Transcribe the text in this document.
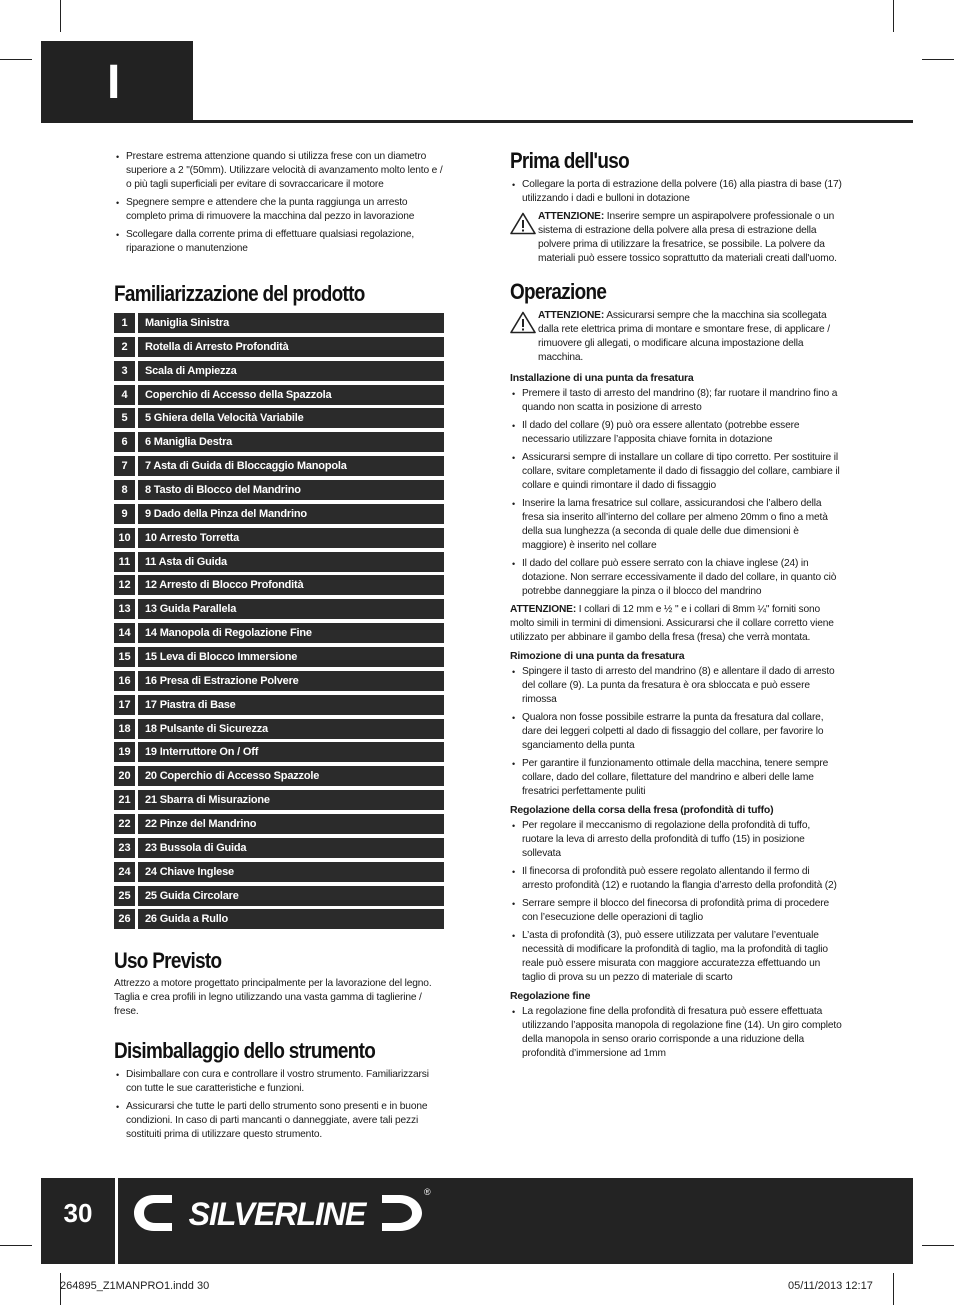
I
• Prestare estrema attenzione quando si utilizza frese con un diametro superiore a 2 "(50mm). Utilizzare velocità di avanzamento molto lento e / o più tagli superficiali per evitare di sovraccaricare il motore
• Spegnere sempre e attendere che la punta raggiunga un arresto completo prima di rimuovere la macchina dal pezzo in lavorazione
• Scollegare dalla corrente prima di effettuare qualsiasi regolazione, riparazione o manutenzione
Familiarizzazione del prodotto
1	Maniglia Sinistra
2	Rotella di Arresto Profondità
3	Scala di Ampiezza
4	Coperchio di Accesso della Spazzola
5	5 Ghiera della Velocità Variabile
6	6 Maniglia Destra
7	7 Asta di Guida di Bloccaggio Manopola
8	8 Tasto di Blocco del Mandrino
9	9 Dado della Pinza del Mandrino
10	10 Arresto Torretta
11	11 Asta di Guida
12	12 Arresto di Blocco Profondità
13	13 Guida Parallela
14	14 Manopola di Regolazione Fine
15	15 Leva di Blocco Immersione
16	16 Presa di Estrazione Polvere
17	17 Piastra di Base
18	18 Pulsante di Sicurezza
19	19 Interruttore On / Off
20	20 Coperchio di Accesso Spazzole
21	21 Sbarra di Misurazione
22	22 Pinze del Mandrino
23	23 Bussola di Guida
24	24 Chiave Inglese
25	25 Guida Circolare
26	26 Guida a Rullo
Uso Previsto

Attrezzo a motore progettato principalmente per la lavorazione del legno. Taglia e crea profili in legno utilizzando una vasta gamma di taglierine / frese.

Disimballaggio dello strumento
• Disimballare con cura e controllare il vostro strumento. Familiarizzarsi con tutte le sue caratteristiche e funzioni.
• Assicurarsi che tutte le parti dello strumento sono presenti e in buone condizioni. In caso di parti mancanti o danneggiate, avere tali pezzi sostituiti prima di utilizzare questo strumento.
Prima dell'uso
• Collegare la porta di estrazione della polvere (16) alla piastra di base (17) utilizzando i dadi e bulloni in dotazione
ATTENZIONE: Inserire sempre un aspirapolvere professionale o un sistema di estrazione della polvere alla presa di estrazione della polvere prima di utilizzare la fresatrice, se possibile. La polvere da materiali può essere tossico soprattutto da materiali creati dall'uomo.
Operazione
ATTENZIONE: Assicurarsi sempre che la macchina sia scollegata dalla rete elettrica prima di montare e smontare frese, di applicare / rimuovere gli allegati, o modificare alcuna impostazione della macchina.
Installazione di una punta da fresatura
• Premere il tasto di arresto del mandrino (8); far ruotare il mandrino fino a quando non scatta in posizione di arresto
• Il dado del collare (9) può ora essere allentato (potrebbe essere necessario utilizzare l’apposita chiave fornita in dotazione
• Assicurarsi sempre di installare un collare di tipo corretto. Per sostituire il collare, svitare completamente il dado di fissaggio del collare, cambiare il collare e quindi rimontare il dado di fissaggio
• Inserire la lama fresatrice sul collare, assicurandosi che l’albero della fresa sia inserito all’interno del collare per almeno 20mm o fino a metà della sua lunghezza (a seconda di quale delle due dimensioni è maggiore) è inserito nel collare
• Il dado del collare può essere serrato con la chiave inglese (24) in dotazione. Non serrare eccessivamente il dado del collare, in quanto ciò potrebbe danneggiare la pinza o il blocco del mandrino

ATTENZIONE: I collari di 12 mm e ½ " e i collari di 8mm ¼" forniti sono molto simili in termini di dimensioni. Assicurarsi che il collare corretto viene utilizzato per abbinare il gambo della fresa (fresa) che verrà montata.

Rimozione di una punta da fresatura
• Spingere il tasto di arresto del mandrino (8) e allentare il dado di arresto del collare (9). La punta da fresatura è ora sbloccata e può essere rimossa
• Qualora non fosse possibile estrarre la punta da fresatura dal collare, dare dei leggeri colpetti al dado di fissaggio del collare, per favorire lo sganciamento della punta
• Per garantire il funzionamento ottimale della macchina, tenere sempre collare, dado del collare, filettature del mandrino e alberi delle lame fresatrici perfettamente puliti
Regolazione della corsa della fresa (profondità di tuffo)
• Per regolare il meccanismo di regolazione della profondità di tuffo, ruotare la leva di arresto della profondità di tuffo (15) in posizione sollevata
• Il finecorsa di profondità può essere regolato allentando il fermo di arresto profondità (12) e ruotando la flangia d’arresto della profondità (2)
• Serrare sempre il blocco del finecorsa di profondità prima di procedere con l’esecuzione delle operazioni di taglio
• L’asta di profondità (3), può essere utilizzata per valutare l’eventuale necessità di modificare la profondità di taglio, ma la profondità di taglio reale può essere misurata con maggiore accuratezza effettuando un taglio di prova su un pezzo di materiale di scarto
Regolazione fine
• La regolazione fine della profondità di fresatura può essere effettuata utilizzando l’apposita manopola di regolazione fine (14). Un giro completo della manopola in senso orario corrisponde a una riduzione della profondità d’immersione ad 1mm
30	SILVERLINE
®
264895_Z1MANPRO1.indd 30	05/11/2013 12:17
